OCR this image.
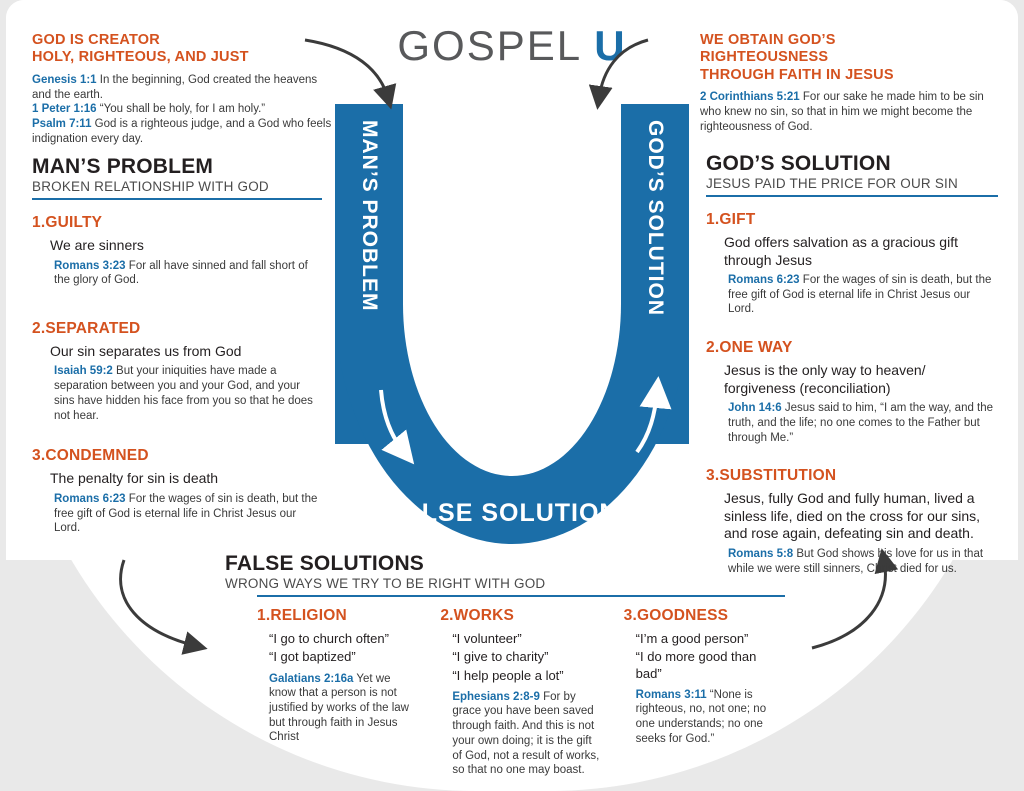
GOSPEL U
MAN’S PROBLEM	GOD’S SOLUTION
FALSE SOLUTIONS
GOD IS CREATOR
HOLY, RIGHTEOUS, AND JUST
Genesis 1:1 In the beginning, God created the heavens and the earth.
1 Peter 1:16 “You shall be holy, for I am holy.”
Psalm 7:11 God is a righteous judge, and a God who feels indignation every day.
WE OBTAIN GOD’S
RIGHTEOUSNESS
THROUGH FAITH IN JESUS
2 Corinthians 5:21 For our sake he made him to be sin who knew no sin, so that in him we might become the righteousness of God.
MAN’S PROBLEM
BROKEN RELATIONSHIP WITH GOD
1.GUILTY
We are sinners
Romans 3:23 For all have sinned and fall short of the glory of God.
2.SEPARATED
Our sin separates us from God
Isaiah 59:2 But your iniquities have made a separation between you and your God, and your sins have hidden his face from you so that he does not hear.
3.CONDEMNED
The penalty for sin is death
Romans 6:23 For the wages of sin is death, but the free gift of God is eternal life in Christ Jesus our Lord.
GOD’S SOLUTION
JESUS PAID THE PRICE FOR OUR SIN
1.GIFT
God offers salvation as a gracious gift through Jesus
Romans 6:23 For the wages of sin is death, but the free gift of God is eternal life in Christ Jesus our Lord.
2.ONE WAY
Jesus is the only way to heaven/ forgiveness (reconciliation)
John 14:6 Jesus said to him, “I am the way, and the truth, and the life; no one comes to the Father but through Me.”
3.SUBSTITUTION
Jesus, fully God and fully human, lived a sinless life, died on the cross for our sins, and rose again, defeating sin and death.
Romans 5:8 But God shows his love for us in that while we were still sinners, Christ died for us.
FALSE SOLUTIONS
WRONG WAYS WE TRY TO BE RIGHT WITH GOD
1.RELIGION
“I go to church often”
“I got baptized”
Galatians 2:16a Yet we know that a person is not justified by works of the law but through faith in Jesus Christ
2.WORKS
“I volunteer”
“I give to charity”
“I help people a lot”
Ephesians 2:8-9 For by grace you have been saved through faith. And this is not your own doing; it is the gift of God, not a result of works, so that no one may boast.
3.GOODNESS
“I’m a good person”
“I do more good than bad”
Romans 3:11 “None is righteous, no, not one; no one understands; no one seeks for God.”
